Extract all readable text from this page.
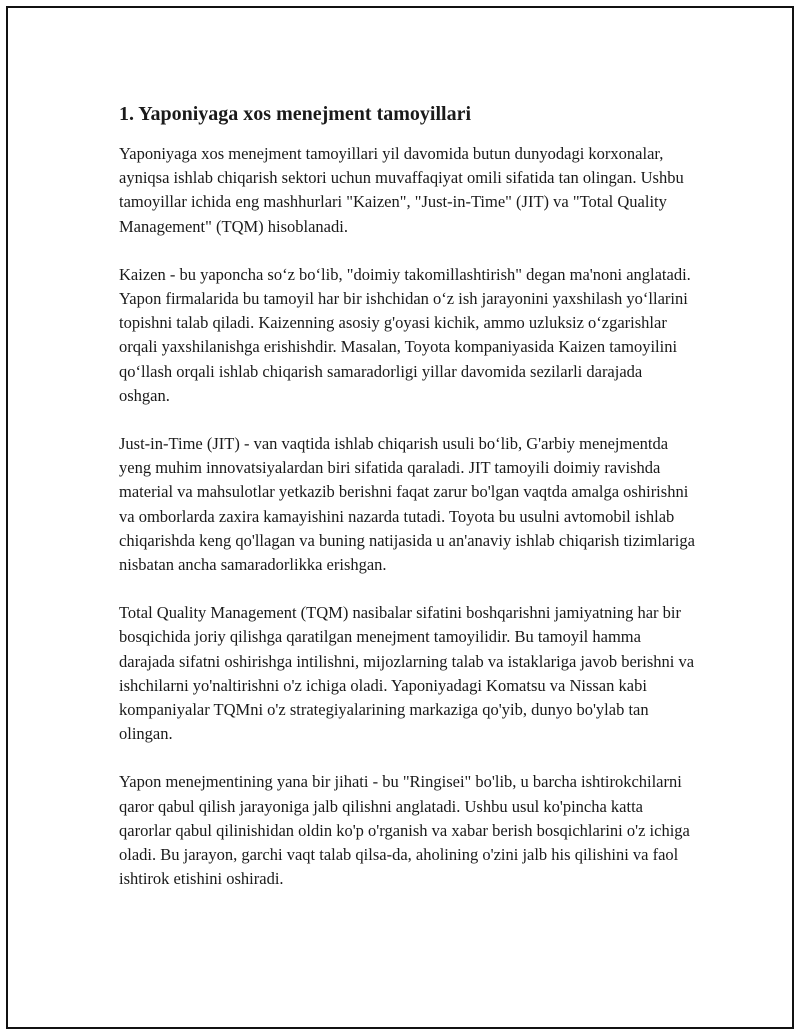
1. Yaponiyaga xos menejment tamoyillari

Yaponiyaga xos menejment tamoyillari yil davomida butun dunyodagi korxonalar, ayniqsa ishlab chiqarish sektori uchun muvaffaqiyat omili sifatida tan olingan. Ushbu tamoyillar ichida eng mashhurlari "Kaizen", "Just-in-Time" (JIT) va "Total Quality Management" (TQM) hisoblanadi.

Kaizen - bu yaponcha so‘z bo‘lib, "doimiy takomillashtirish" degan ma'noni anglatadi. Yapon firmalarida bu tamoyil har bir ishchidan o‘z ish jarayonini yaxshilash yo‘llarini topishni talab qiladi. Kaizenning asosiy g'oyasi kichik, ammo uzluksiz o‘zgarishlar orqali yaxshilanishga erishishdir. Masalan, Toyota kompaniyasida Kaizen tamoyilini qo‘llash orqali ishlab chiqarish samaradorligi yillar davomida sezilarli darajada oshgan.

Just-in-Time (JIT) - van vaqtida ishlab chiqarish usuli bo‘lib, G'arbiy menejmentda yeng muhim innovatsiyalardan biri sifatida qaraladi. JIT tamoyili doimiy ravishda material va mahsulotlar yetkazib berishni faqat zarur bo'lgan vaqtda amalga oshirishni va omborlarda zaxira kamayishini nazarda tutadi. Toyota bu usulni avtomobil ishlab chiqarishda keng qo'llagan va buning natijasida u an'anaviy ishlab chiqarish tizimlariga nisbatan ancha samaradorlikka erishgan.

Total Quality Management (TQM) nasibalar sifatini boshqarishni jamiyatning har bir bosqichida joriy qilishga qaratilgan menejment tamoyilidir. Bu tamoyil hamma darajada sifatni oshirishga intilishni, mijozlarning talab va istaklariga javob berishni va ishchilarni yo'naltirishni o'z ichiga oladi. Yaponiyadagi Komatsu va Nissan kabi kompaniyalar TQMni o'z strategiyalarining markaziga qo'yib, dunyo bo'ylab tan olingan.

Yapon menejmentining yana bir jihati - bu "Ringisei" bo'lib, u barcha ishtirokchilarni qaror qabul qilish jarayoniga jalb qilishni anglatadi. Ushbu usul ko'pincha katta qarorlar qabul qilinishidan oldin ko'p o'rganish va xabar berish bosqichlarini o'z ichiga oladi. Bu jarayon, garchi vaqt talab qilsa-da, aholining o'zini jalb his qilishini va faol ishtirok etishini oshiradi.
